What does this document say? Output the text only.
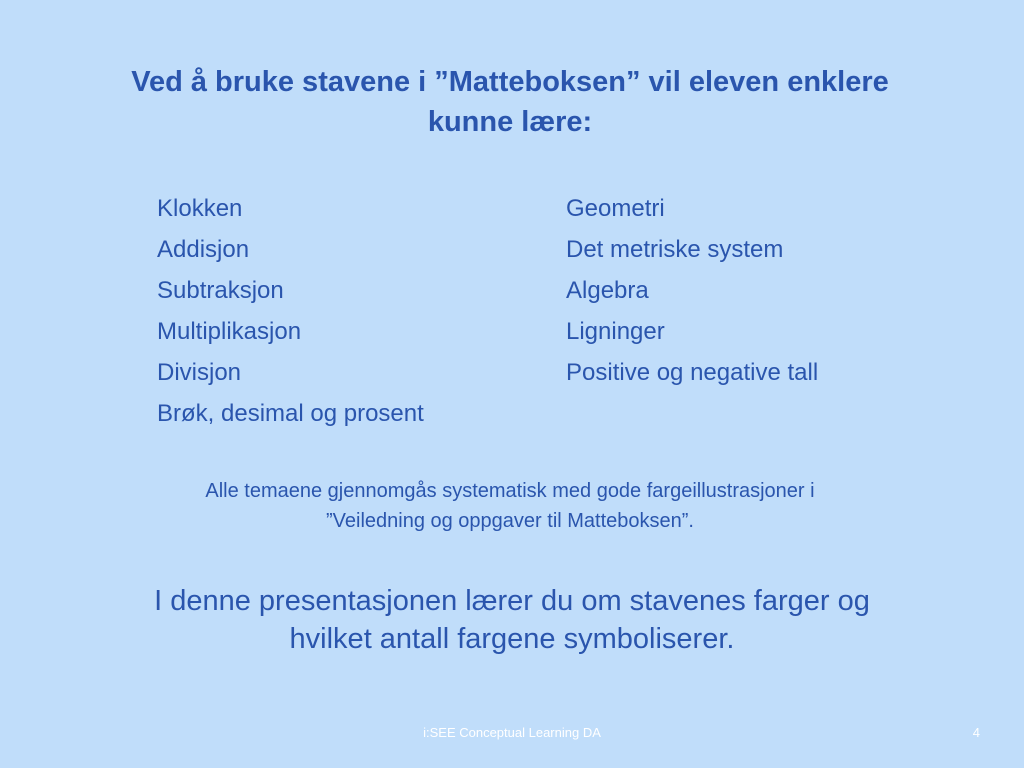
Ved å bruke stavene i ”Matteboksen” vil eleven enklere
kunne lære:
Klokken
Addisjon
Subtraksjon
Multiplikasjon
Divisjon
Brøk, desimal og prosent
Geometri
Det metriske system
Algebra
Ligninger
Positive og negative tall

Alle temaene gjennomgås systematisk med gode fargeillustrasjoner i
”Veiledning og oppgaver til Matteboksen”.

I denne presentasjonen lærer du om stavenes farger og
hvilket antall fargene symboliserer.

i:SEE Conceptual Learning DA	4
